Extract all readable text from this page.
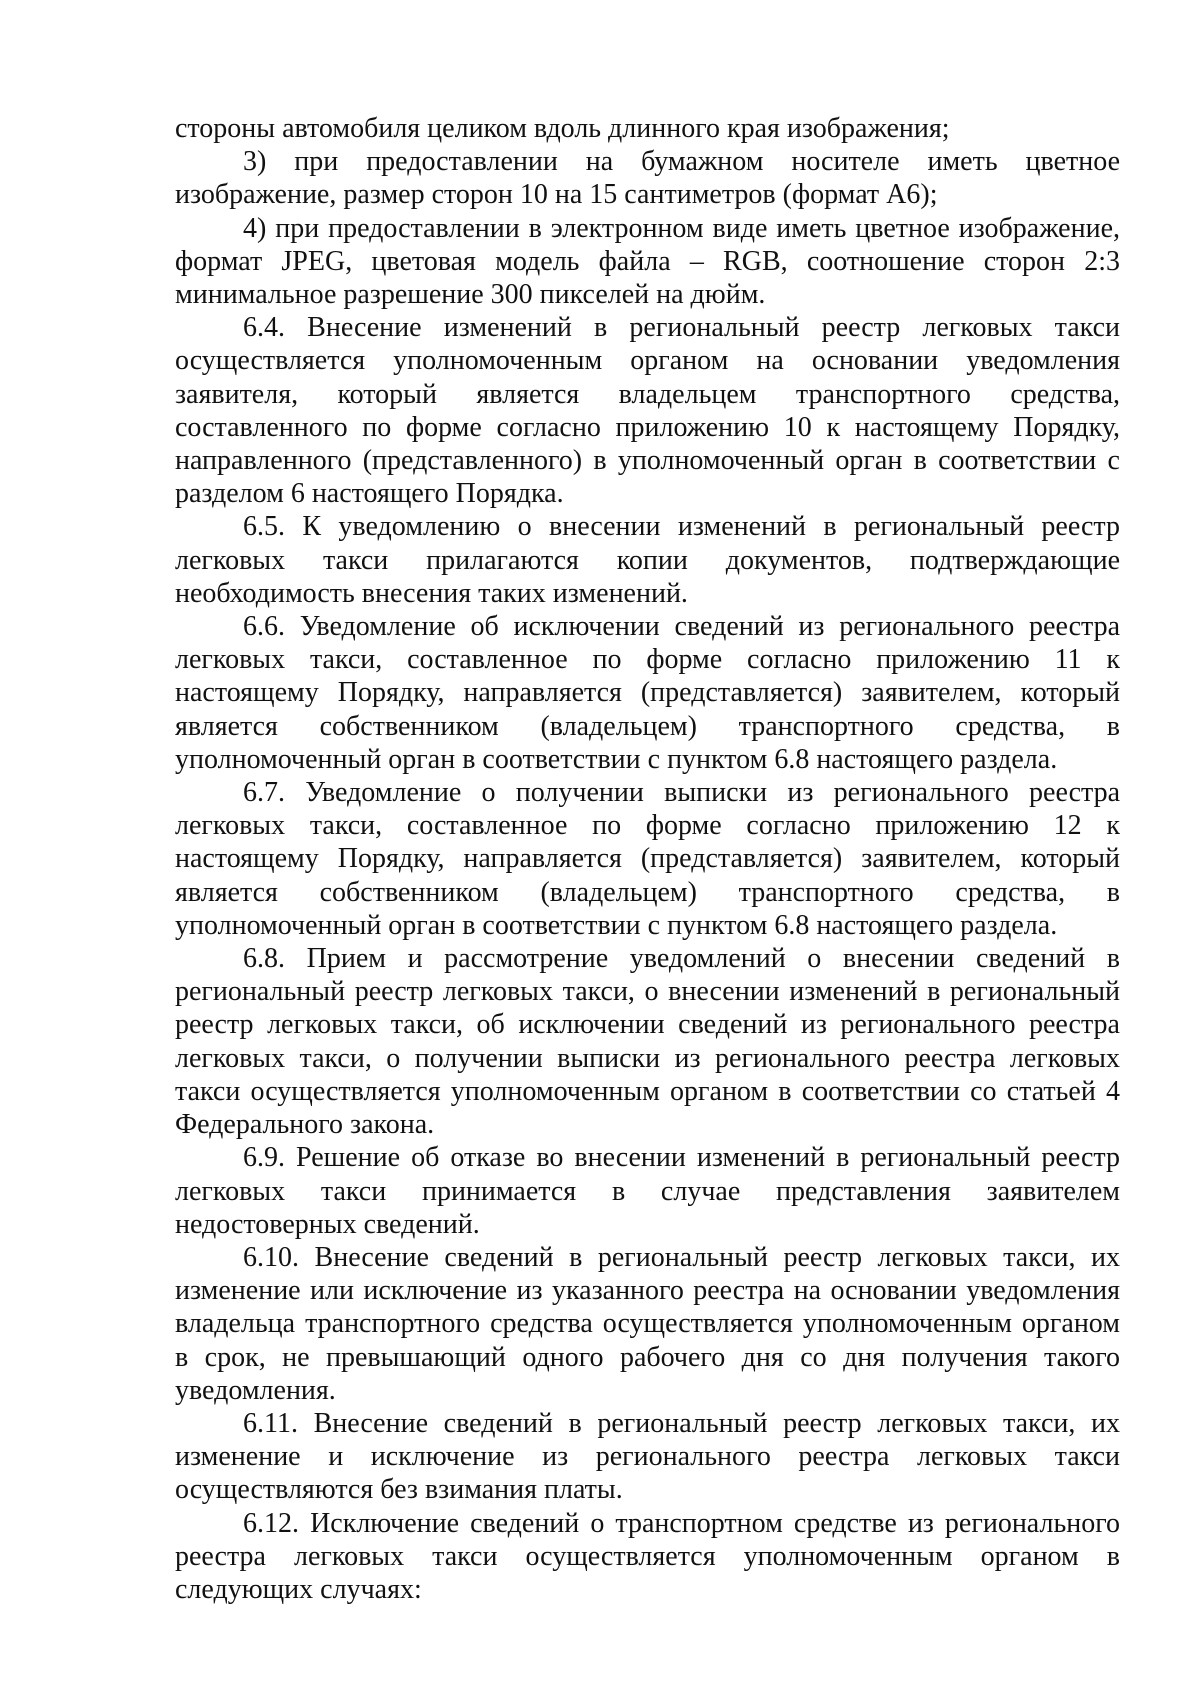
стороны автомобиля целиком вдоль длинного края изображения;

3) при предоставлении на бумажном носителе иметь цветное изображение, размер сторон 10 на 15 сантиметров (формат А6);

4) при предоставлении в электронном виде иметь цветное изображение, формат JPEG, цветовая модель файла – RGB, соотношение сторон 2:3 минимальное разрешение 300 пикселей на дюйм.

6.4. Внесение изменений в региональный реестр легковых такси осуществляется уполномоченным органом на основании уведомления заявителя, который является владельцем транспортного средства, составленного по форме согласно приложению 10 к настоящему Порядку, направленного (представленного) в уполномоченный орган в соответствии с разделом 6 настоящего Порядка.

6.5. К уведомлению о внесении изменений в региональный реестр легковых такси прилагаются копии документов, подтверждающие необходимость внесения таких изменений.

6.6. Уведомление об исключении сведений из регионального реестра легковых такси, составленное по форме согласно приложению 11 к настоящему Порядку, направляется (представляется) заявителем, который является собственником (владельцем) транспортного средства, в уполномоченный орган в соответствии с пунктом 6.8 настоящего раздела.

6.7. Уведомление о получении выписки из регионального реестра легковых такси, составленное по форме согласно приложению 12 к настоящему Порядку, направляется (представляется) заявителем, который является собственником (владельцем) транспортного средства, в уполномоченный орган в соответствии с пунктом 6.8 настоящего раздела.

6.8. Прием и рассмотрение уведомлений о внесении сведений в региональный реестр легковых такси, о внесении изменений в региональный реестр легковых такси, об исключении сведений из регионального реестра легковых такси, о получении выписки из регионального реестра легковых такси осуществляется уполномоченным органом в соответствии со статьей 4 Федерального закона.

6.9. Решение об отказе во внесении изменений в региональный реестр легковых такси принимается в случае представления заявителем недостоверных сведений.

6.10. Внесение сведений в региональный реестр легковых такси, их изменение или исключение из указанного реестра на основании уведомления владельца транспортного средства осуществляется уполномоченным органом в срок, не превышающий одного рабочего дня со дня получения такого уведомления.

6.11. Внесение сведений в региональный реестр легковых такси, их изменение и исключение из регионального реестра легковых такси осуществляются без взимания платы.

6.12. Исключение сведений о транспортном средстве из регионального реестра легковых такси осуществляется уполномоченным органом в следующих случаях:
